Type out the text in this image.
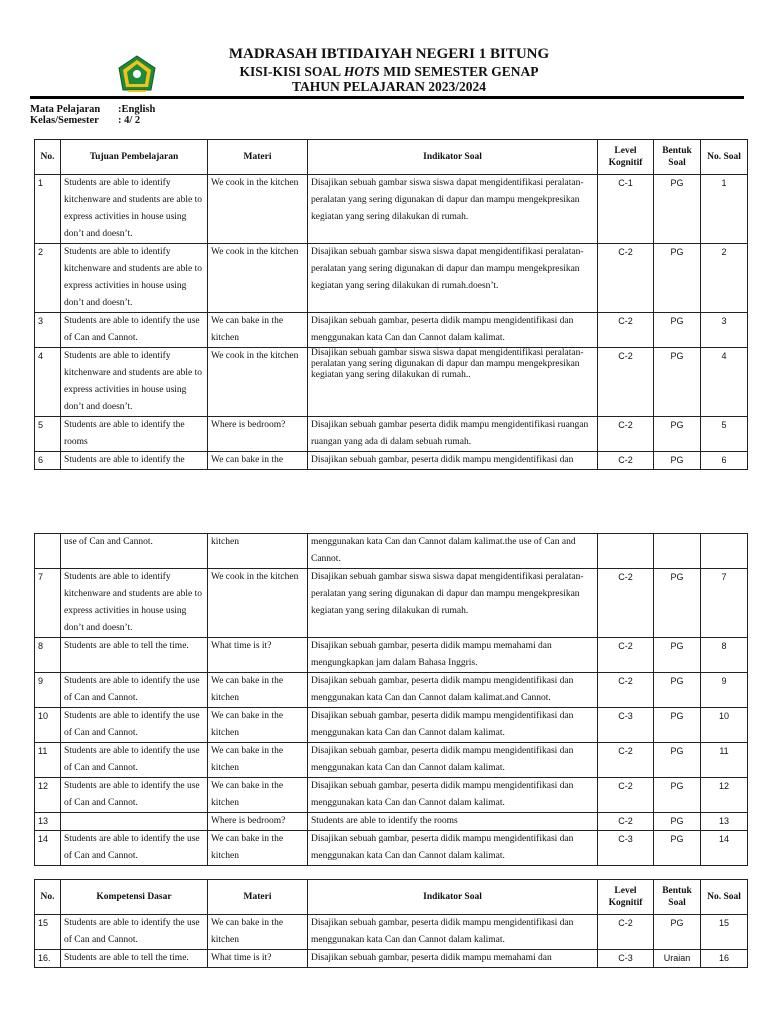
MADRASAH IBTIDAIYAH NEGERI 1 BITUNG
KISI-KISI SOAL HOTS MID SEMESTER GENAP
TAHUN PELAJARAN 2023/2024
Mata Pelajaran :English
Kelas/Semester : 4/ 2
No.	Tujuan Pembelajaran	Materi	Indikator Soal	Level Kognitif	Bentuk Soal	No. Soal
1	Students are able to identify kitchenware and students are able to express activities in house using don’t and doesn’t.	We cook in the kitchen	Disajikan sebuah gambar siswa siswa dapat mengidentifikasi peralatan-peralatan yang sering digunakan di dapur dan mampu mengekpresikan kegiatan yang sering dilakukan di rumah.	C-1	PG	1
2	Students are able to identify kitchenware and students are able to express activities in house using don’t and doesn’t.	We cook in the kitchen	Disajikan sebuah gambar siswa siswa dapat mengidentifikasi peralatan-peralatan yang sering digunakan di dapur dan mampu mengekpresikan kegiatan yang sering dilakukan di rumah.doesn’t.	C-2	PG	2
3	Students are able to identify the use of Can and Cannot.	We can bake in the kitchen	Disajikan sebuah gambar, peserta didik mampu mengidentifikasi dan menggunakan kata Can dan Cannot dalam kalimat.	C-2	PG	3
4	Students are able to identify kitchenware and students are able to express activities in house using don’t and doesn’t.	We cook in the kitchen	Disajikan sebuah gambar siswa siswa dapat mengidentifikasi peralatan-peralatan yang sering digunakan di dapur dan mampu mengekpresikan kegiatan yang sering dilakukan di rumah..	C-2	PG	4
5	Students are able to identify the rooms	Where is bedroom?	Disajikan sebuah gambar peserta didik mampu mengidentifikasi ruangan ruangan yang ada di dalam sebuah rumah.	C-2	PG	5
6	Students are able to identify the	We can bake in the	Disajikan sebuah gambar, peserta didik mampu mengidentifikasi dan	C-2	PG	6
	use of Can and Cannot.	kitchen	menggunakan kata Can dan Cannot dalam kalimat.the use of Can and Cannot.			
7	Students are able to identify kitchenware and students are able to express activities in house using don’t and doesn’t.	We cook in the kitchen	Disajikan sebuah gambar siswa siswa dapat mengidentifikasi peralatan-peralatan yang sering digunakan di dapur dan mampu mengekpresikan kegiatan yang sering dilakukan di rumah.	C-2	PG	7
8	Students are able to tell the time.	What time is it?	Disajikan sebuah gambar, peserta didik mampu memahami dan mengungkapkan jam dalam Bahasa Inggris.	C-2	PG	8
9	Students are able to identify the use of Can and Cannot.	We can bake in the kitchen	Disajikan sebuah gambar, peserta didik mampu mengidentifikasi dan menggunakan kata Can dan Cannot dalam kalimat.and Cannot.	C-2	PG	9
10	Students are able to identify the use of Can and Cannot.	We can bake in the kitchen	Disajikan sebuah gambar, peserta didik mampu mengidentifikasi dan menggunakan kata Can dan Cannot dalam kalimat.	C-3	PG	10
11	Students are able to identify the use of Can and Cannot.	We can bake in the kitchen	Disajikan sebuah gambar, peserta didik mampu mengidentifikasi dan menggunakan kata Can dan Cannot dalam kalimat.	C-2	PG	11
12	Students are able to identify the use of Can and Cannot.	We can bake in the kitchen	Disajikan sebuah gambar, peserta didik mampu mengidentifikasi dan menggunakan kata Can dan Cannot dalam kalimat.	C-2	PG	12
13		Where is bedroom?	Students are able to identify the rooms	C-2	PG	13
14	Students are able to identify the use of Can and Cannot.	We can bake in the kitchen	Disajikan sebuah gambar, peserta didik mampu mengidentifikasi dan menggunakan kata Can dan Cannot dalam kalimat.	C-3	PG	14
No.	Kompetensi Dasar	Materi	Indikator Soal	Level Kognitif	Bentuk Soal	No. Soal
15	Students are able to identify the use of Can and Cannot.	We can bake in the kitchen	Disajikan sebuah gambar, peserta didik mampu mengidentifikasi dan menggunakan kata Can dan Cannot dalam kalimat.	C-2	PG	15
16.	Students are able to tell the time.	What time is it?	Disajikan sebuah gambar, peserta didik mampu memahami dan	C-3	Uraian	16
